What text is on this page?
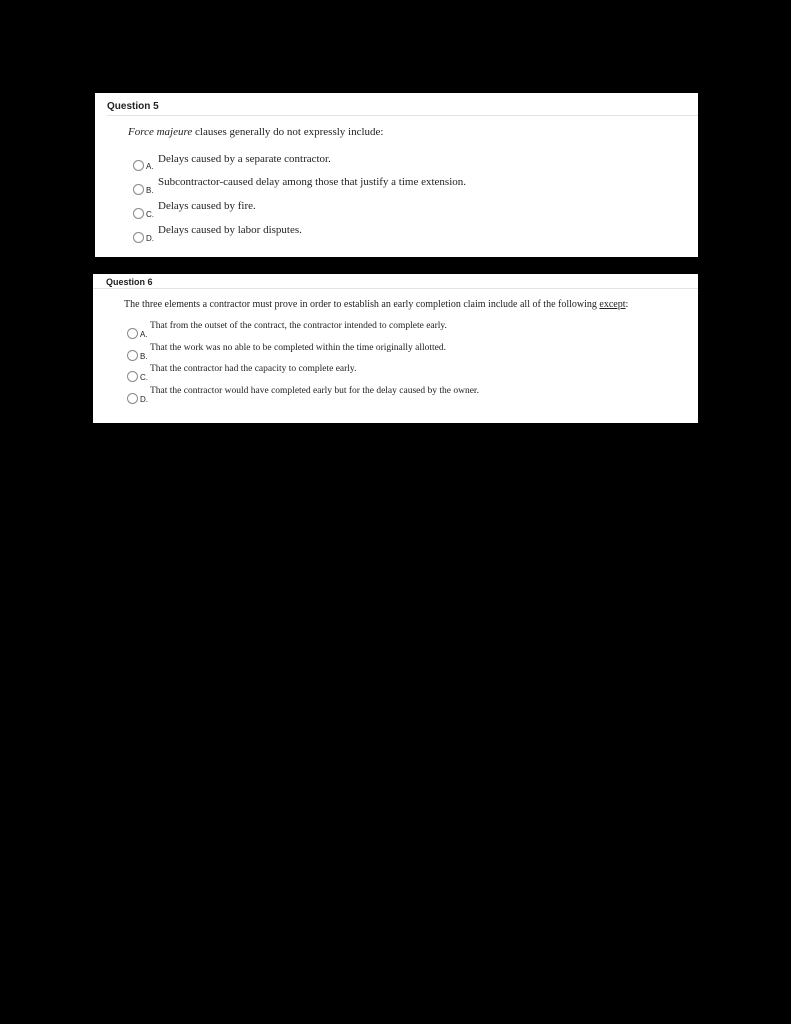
Question 5
Force majeure clauses generally do not expressly include:
A.
Delays caused by a separate contractor.
B.
Subcontractor-caused delay among those that justify a time extension.
C.
Delays caused by fire.
D.
Delays caused by labor disputes.
Question 6
The three elements a contractor must prove in order to establish an early completion claim include all of the following except:
A.
That from the outset of the contract, the contractor intended to complete early.
B.
That the work was no able to be completed within the time originally allotted.
C.
That the contractor had the capacity to complete early.
D.
That the contractor would have completed early but for the delay caused by the owner.
